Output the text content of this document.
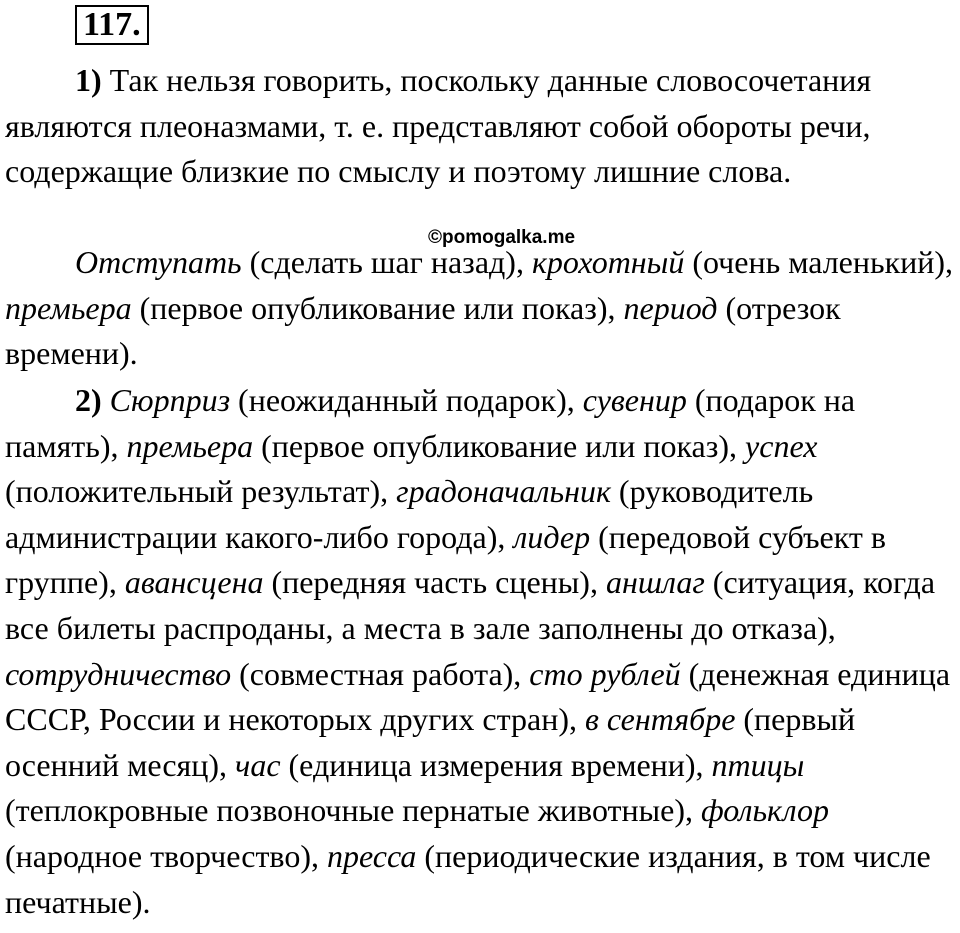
117 .

1) Так нельзя говорить, поскольку данные словосочетания являются плеоназмами, т. е. представляют собой обороты речи, содержащие близкие по смыслу и поэтому лишние слова.

©pomogalka.me

Отступать (сделать шаг назад), крохотный (очень маленький), премьера (первое опубликование или показ), период (отрезок времени).

2) Сюрприз (неожиданный подарок), сувенир (подарок на память), премьера (первое опубликование или показ), успех (положительный результат), градоначальник (руководитель администрации какого-либо города), лидер (передовой субъект в группе), авансцена (передняя часть сцены), аншлаг (ситуация, когда все билеты распроданы, а места в зале заполнены до отказа), сотрудничество (совместная работа), сто рублей (денежная единица СССР, России и некоторых других стран), в сентябре (первый осенний месяц), час (единица измерения времени), птицы (теплокровные позвоночные пернатые животные), фольклор (народное творчество), пресса (периодические издания, в том числе печатные).
